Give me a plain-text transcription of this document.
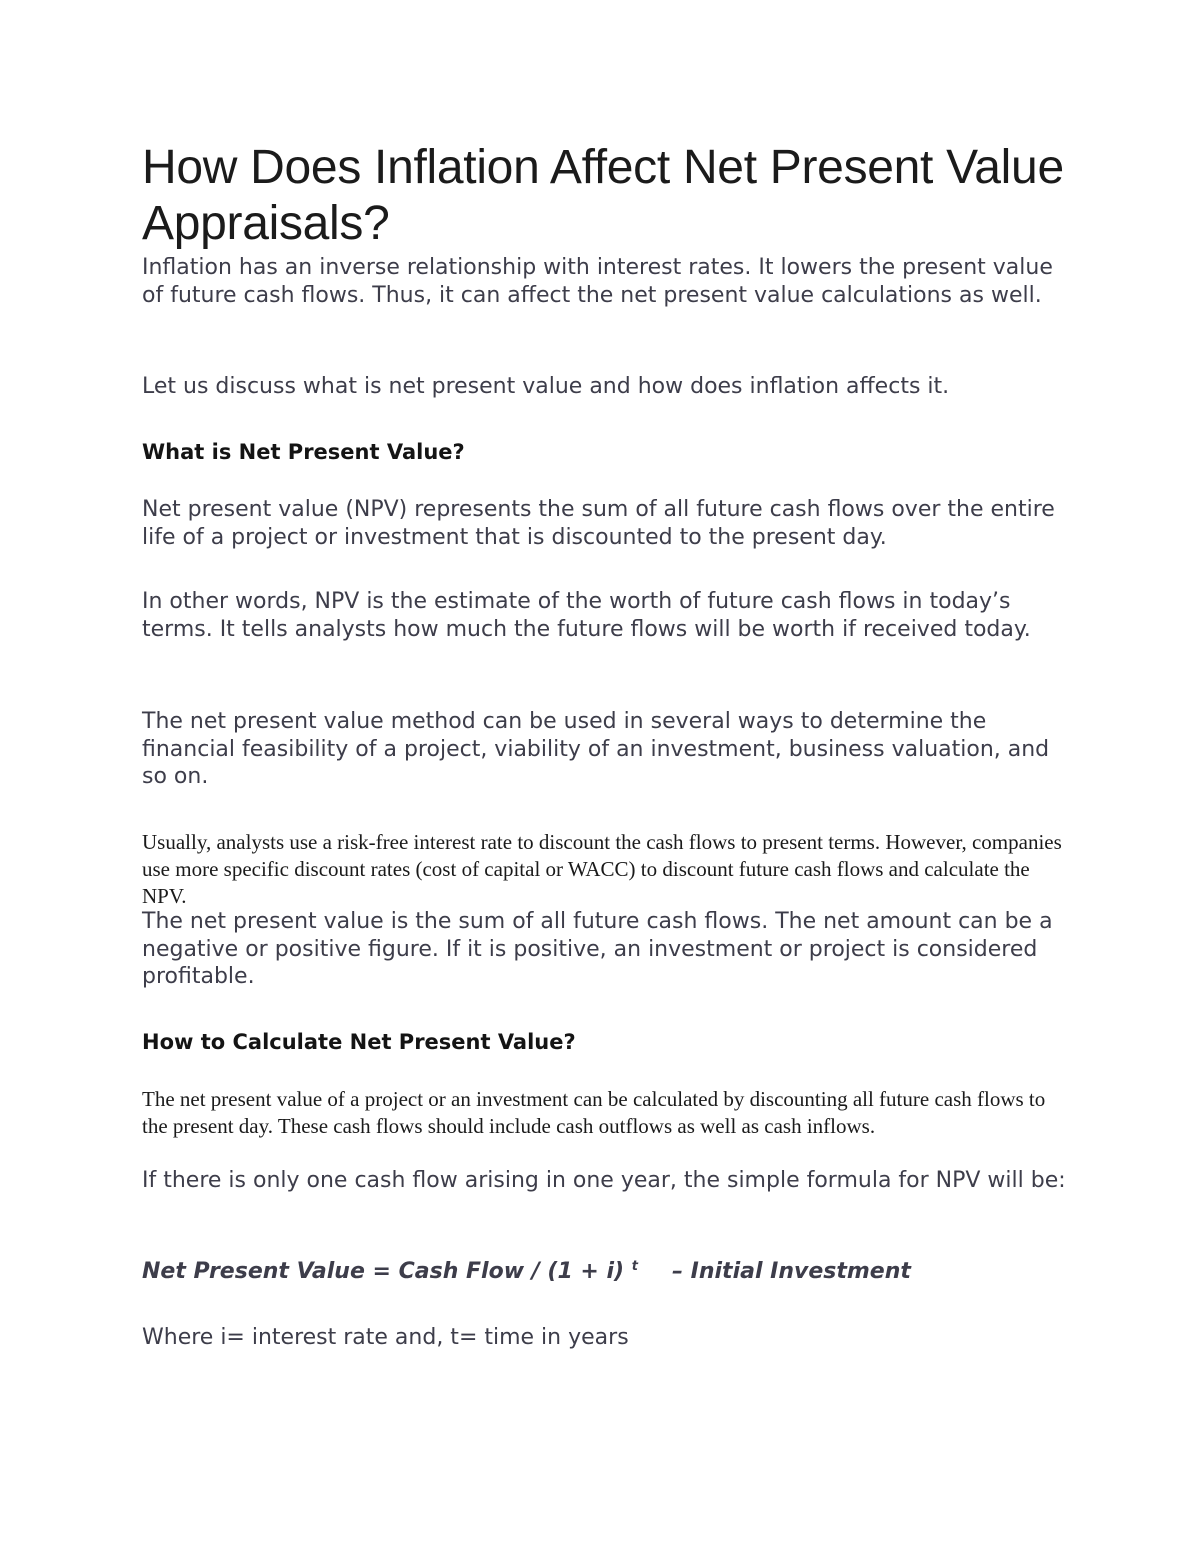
How Does Inflation Affect Net Present Value Appraisals?

Inflation has an inverse relationship with interest rates. It lowers the present value of future cash flows. Thus, it can affect the net present value calculations as well.

Let us discuss what is net present value and how does inflation affects it.

What is Net Present Value?

Net present value (NPV) represents the sum of all future cash flows over the entire life of a project or investment that is discounted to the present day.

In other words, NPV is the estimate of the worth of future cash flows in today’s terms. It tells analysts how much the future flows will be worth if received today.

The net present value method can be used in several ways to determine the financial feasibility of a project, viability of an investment, business valuation, and so on.

Usually, analysts use a risk-free interest rate to discount the cash flows to present terms. However, companies use more specific discount rates (cost of capital or WACC) to discount future cash flows and calculate the NPV.

The net present value is the sum of all future cash flows. The net amount can be a negative or positive figure. If it is positive, an investment or project is considered profitable.

How to Calculate Net Present Value?

The net present value of a project or an investment can be calculated by discounting all future cash flows to the present day. These cash flows should include cash outflows as well as cash inflows.

If there is only one cash flow arising in one year, the simple formula for NPV will be:

Net Present Value = Cash Flow / (1 + i) $^t$ – Initial Investment

Where i= interest rate and, t= time in years
